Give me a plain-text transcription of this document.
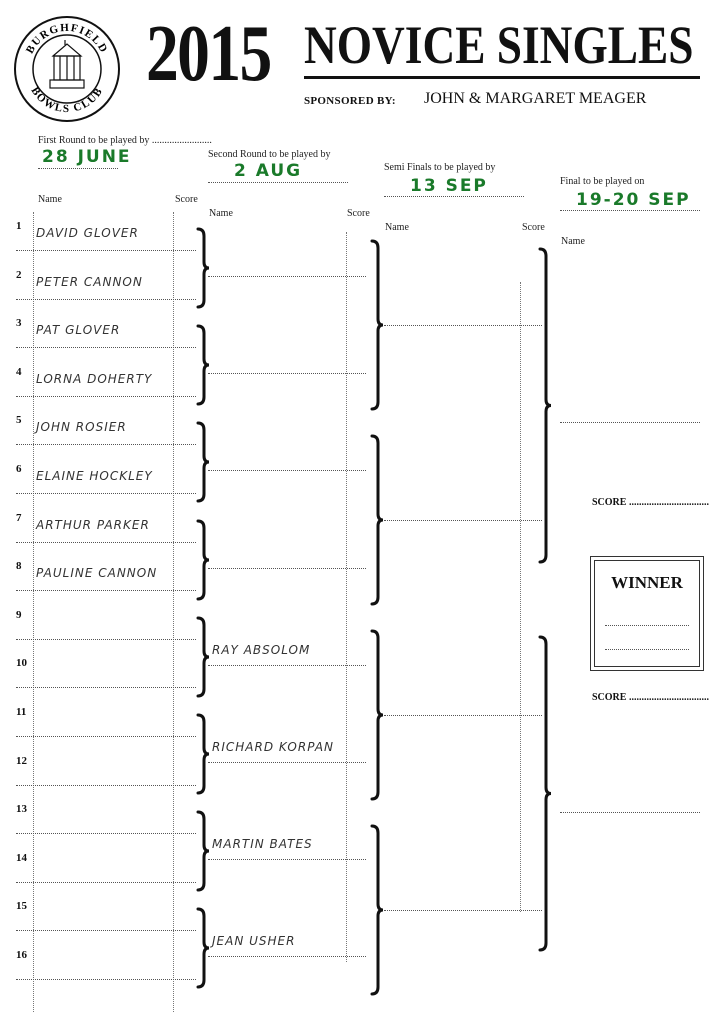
BURGHFIELD
BOWLS CLUB 2015 NOVICE SINGLES
SPONSORED BY: JOHN & MARGARET MEAGER
First Round to be played by ........................
28 JUNE	Second Round to be played by
2 AUG	Semi Finals to be played by
13 SEP	Final to be played on
19-20 SEP
Name	Score
Name	Score
Name	Score
Name
1 DAVID GLOVER
2 PETER CANNON
3 PAT GLOVER
4 LORNA DOHERTY
5 JOHN ROSIER
6 ELAINE HOCKLEY
7 ARTHUR PARKER
8 PAULINE CANNON
9
10
11
12
13
14
15
16
RAY ABSOLOM
RICHARD KORPAN
MARTIN BATES
JEAN USHER
SCORE ................................
WINNER
SCORE ................................
